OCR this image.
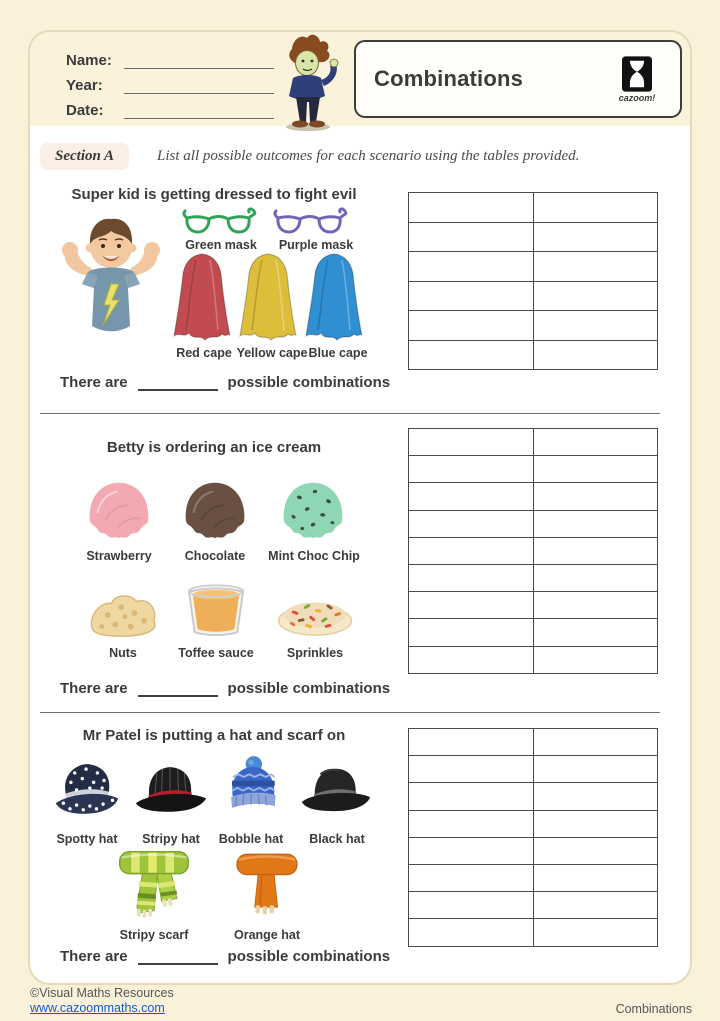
Name:
Year:
Date:
Combinations
cazoom!
Section A	List all possible outcomes for each scenario using the tables provided.
Super kid is getting dressed to fight evil
Green mask	Purple mask
Red cape Yellow cape Blue cape
There are	possible combinations

Betty is ordering an ice cream
Strawberry	Chocolate	Mint Choc Chip
Nuts	Toffee sauce	Sprinkles
There are	possible combinations

Mr Patel is putting a hat and scarf on
Spotty hat	Stripy hat	Bobble hat	Black hat
Stripy scarf	Orange hat
There are	possible combinations

©Visual Maths Resources
www.cazoommaths.com	Combinations
